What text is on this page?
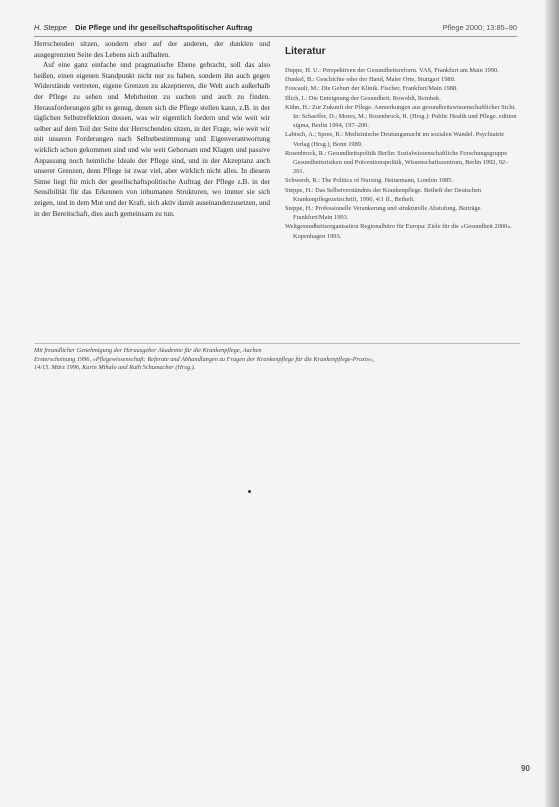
H. Steppe Die Pflege und ihr gesellschaftspolitischer Auftrag	Pflege 2000; 13:85–90

Herrschenden sitzen, sondern eher auf der anderen, der dunklen und ausgegrenzten Seite des Lebens sich aufhalten.

Auf eine ganz einfache und pragmatische Ebene gebracht, soll das also heißen, einen eigenen Standpunkt nicht nur zu haben, sondern ihn auch gegen Widerstände vertreten, eigene Grenzen zu akzeptieren, die Welt auch außerhalb der Pflege zu sehen und Mehrheiten zu suchen und auch zu finden. Herausforderungen gibt es genug, denen sich die Pflege stellen kann, z.B. in der täglichen Selbstreflektion dessen, was wir eigentlich fordern und wie weit wir selber auf dem Teil der Seite der Herrschenden sitzen, in der Frage, wie weit wir mit unseren Forderungen nach Selbstbestimmung und Eigenverantwortung wirklich schon gekommen sind und wie weit Gehorsam und Klagen und passive Anpassung noch heimliche Ideale der Pflege sind, und in der Akzeptanz auch unserer Grenzen, denn Pflege ist zwar viel, aber wirklich nicht alles. In diesem Sinne liegt für mich der gesellschaftspolitische Auftrag der Pflege z.B. in der Sensibilität für das Erkennen von inhumanen Strukturen, wo immer sie sich zeigen, und in dem Mut und der Kraft, sich aktiv damit auseinanderzusetzen, und in der Bereitschaft, dies auch gemeinsam zu tun.

Literatur

Duppe, H. U.: Perspektiven der Gesundheitsreform. VAS, Frankfurt am Main 1990.

Dunkel, B.: Geschichte oder der Hand, Maler Orte, Stuttgart 1980.

Foucault, M.: Die Geburt der Klinik. Fischer, Frankfurt/Main 1988.

Illich, I.: Die Enteignung der Gesundheit. Rowohlt, Reinbek.

Kühn, H.: Zur Zukunft der Pflege. Anmerkungen aus gesundheitswissenschaftlicher Sicht. In: Schaeffer, D.; Moers, M.; Rosenbrock, R. (Hrsg.): Public Health und Pflege. edition sigma, Berlin 1994, 197–200.

Labisch, A.; Spree, R.: Medizinische Deutungsmacht im sozialen Wandel. Psychiatrie Verlag (Hrsg.), Bonn 1989.

Rosenbrock, R.: Gesundheitspolitik Berlin: Sozialwissenschaftliche Forschungsgruppe Gesundheitsrisiken und Präventionspolitik, Wissenschaftszentrum, Berlin 1992, 92–201.

Schwerdt, R.: The Politics of Nursing. Heinemann, London 1985.

Steppe, H.: Das Selbstverständnis der Krankenpflege. Beiheft der Deutschen Krankenpflegezeitschrift, 1990, 4:1 ff., Beiheft.

Steppe, H.: Professionelle Verankerung und strukturelle Abstufung. Beiträge. Frankfurt/Main 1993.

Weltgesundheitsorganisation Regionalbüro für Europa: Ziele für die »Gesundheit 2000«. Kopenhagen 1993.

Mit freundlicher Genehmigung der Herausgeber Akademie für die Krankenpflege, Aachen

Ersterscheinung 1996, »Pflegewissenschaft: Referate und Abhandlungen zu Fragen der Krankenpflege für die Krankenpflege-Praxis«,

14/15. März 1996, Karin Mihalo und Ruth Schumacher (Hrsg.).

90
